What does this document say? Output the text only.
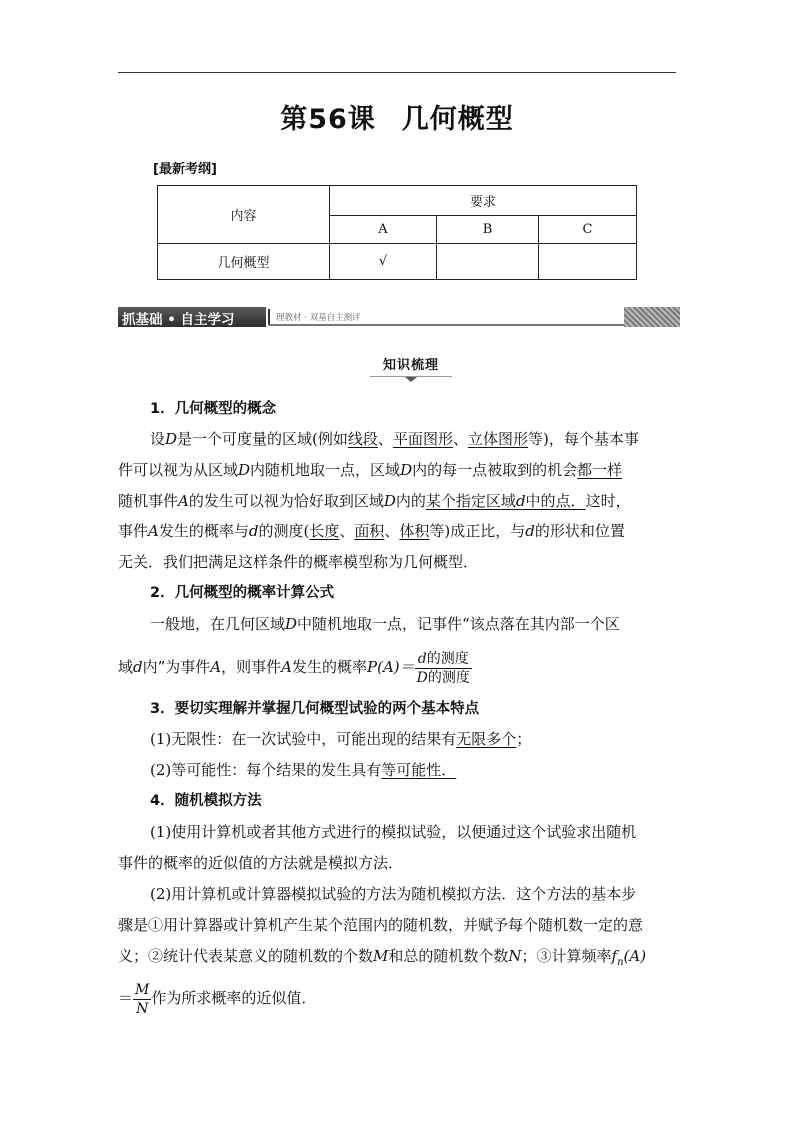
第56课 几何概型
[最新考纲]
内容	要求		
	A	B	C
几何概型	√		
抓基础 • 自主学习	理教材 · 双基自主测评
知识梳理
1．几何概型的概念
设D是一个可度量的区域(例如线段、平面图形、立体图形等)，每个基本事
件可以视为从区域D内随机地取一点，区域D内的每一点被取到的机会都一样
随机事件A的发生可以视为恰好取到区域D内的某个指定区域d中的点．这时，
事件A发生的概率与d的测度(长度、面积、体积等)成正比，与d的形状和位置
无关．我们把满足这样条件的概率模型称为几何概型．
2．几何概型的概率计算公式
一般地，在几何区域D中随机地取一点，记事件“该点落在其内部一个区
域d内”为事件A，则事件A发生的概率$P(A)= \frac{\text{d的测度}}{\text{D的测度}}$
3．要切实理解并掌握几何概型试验的两个基本特点
(1)无限性：在一次试验中，可能出现的结果有无限多个；
(2)等可能性：每个结果的发生具有等可能性．
4．随机模拟方法
(1)使用计算机或者其他方式进行的模拟试验，以便通过这个试验求出随机
事件的概率的近似值的方法就是模拟方法．
(2)用计算机或计算器模拟试验的方法为随机模拟方法．这个方法的基本步
骤是①用计算器或计算机产生某个范围内的随机数，并赋予每个随机数一定的意
义；②统计代表某意义的随机数的个数M和总的随机数个数N；③计算频率$f_n(A)$
＝ $\frac{M}{N}$ 作为所求概率的近似值．
